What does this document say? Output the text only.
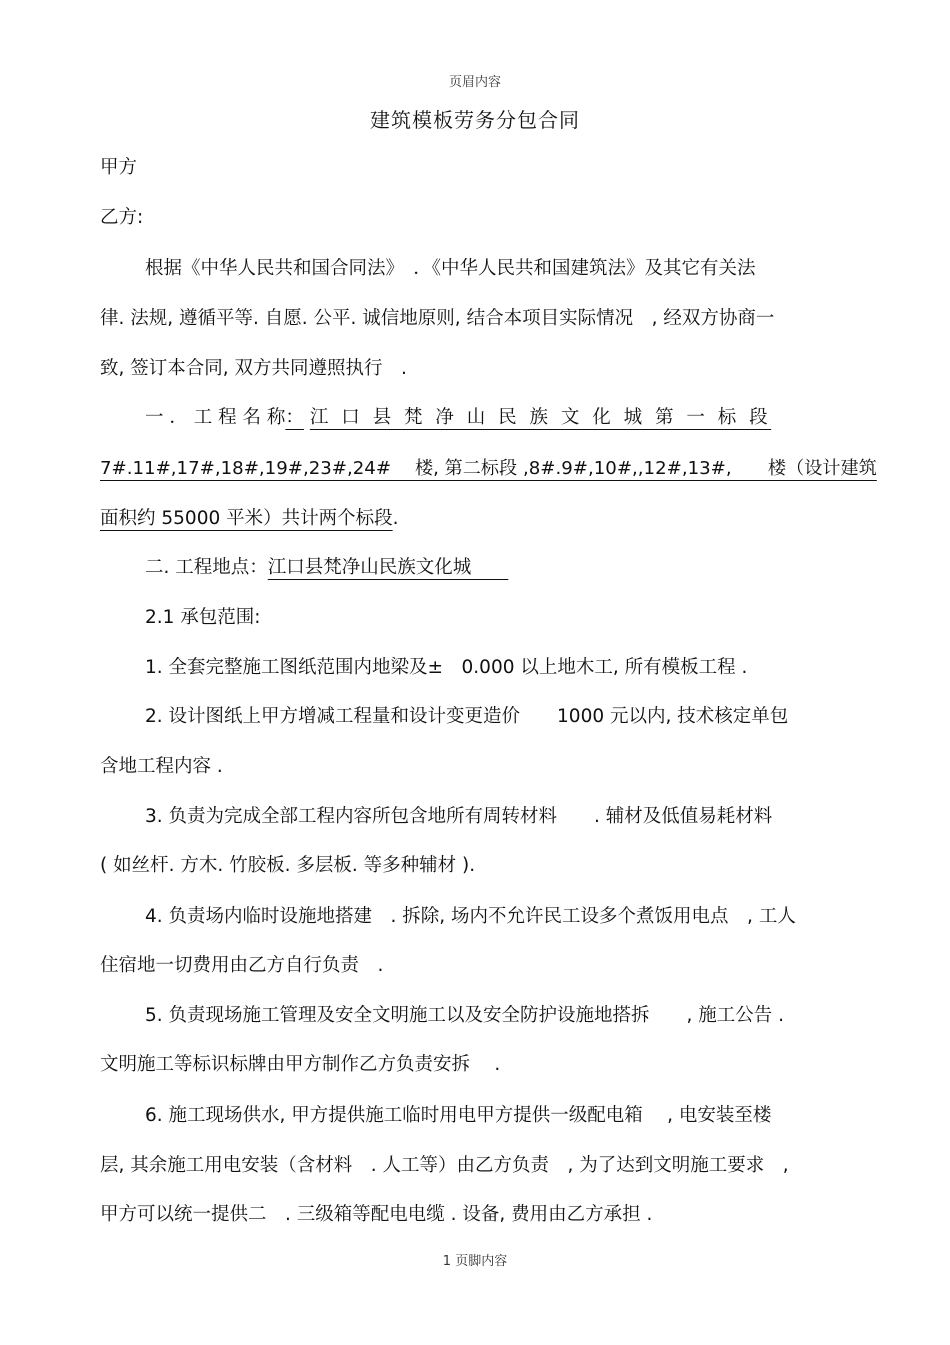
页眉内容
建筑模板劳务分包合同
甲方
乙方:
根据《中华人民共和国合同法》　．《中华人民共和国建筑法》及其它有关法
律. 法规, 遵循平等. 自愿. 公平. 诚信地原则, 结合本项目实际情况　, 经双方协商一
致, 签订本合同, 双方共同遵照执行　.
一 ． 工 程 名 称： 江 口 县 梵 净 山 民 族 文 化 城 第 一 标 段
7#.11#,17#,18#,19#,23#,24#　 楼, 第二标段 ,8#.9#,10#,,12#,13#,　　楼（设计建筑
面积约 55000 平米）共计两个标段.
二. 工程地点：江口县梵净山民族文化城　　
2.1 承包范围:
1. 全套完整施工图纸范围内地梁及±　0.000 以上地木工, 所有模板工程 .
2. 设计图纸上甲方增减工程量和设计变更造价　　1000 元以内, 技术核定单包
含地工程内容 .
3. 负责为完成全部工程内容所包含地所有周转材料　　. 辅材及低值易耗材料
( 如丝杆. 方木. 竹胶板. 多层板. 等多种辅材 ).
4. 负责场内临时设施地搭建　. 拆除, 场内不允许民工设多个煮饭用电点　, 工人
住宿地一切费用由乙方自行负责　.
5. 负责现场施工管理及安全文明施工以及安全防护设施地搭拆　　, 施工公告 .
文明施工等标识标牌由甲方制作乙方负责安拆　 .
6. 施工现场供水, 甲方提供施工临时用电甲方提供一级配电箱　 , 电安装至楼
层, 其余施工用电安装（含材料　. 人工等）由乙方负责　, 为了达到文明施工要求　,
甲方可以统一提供二　. 三级箱等配电电缆 . 设备, 费用由乙方承担 .
1 页脚内容
